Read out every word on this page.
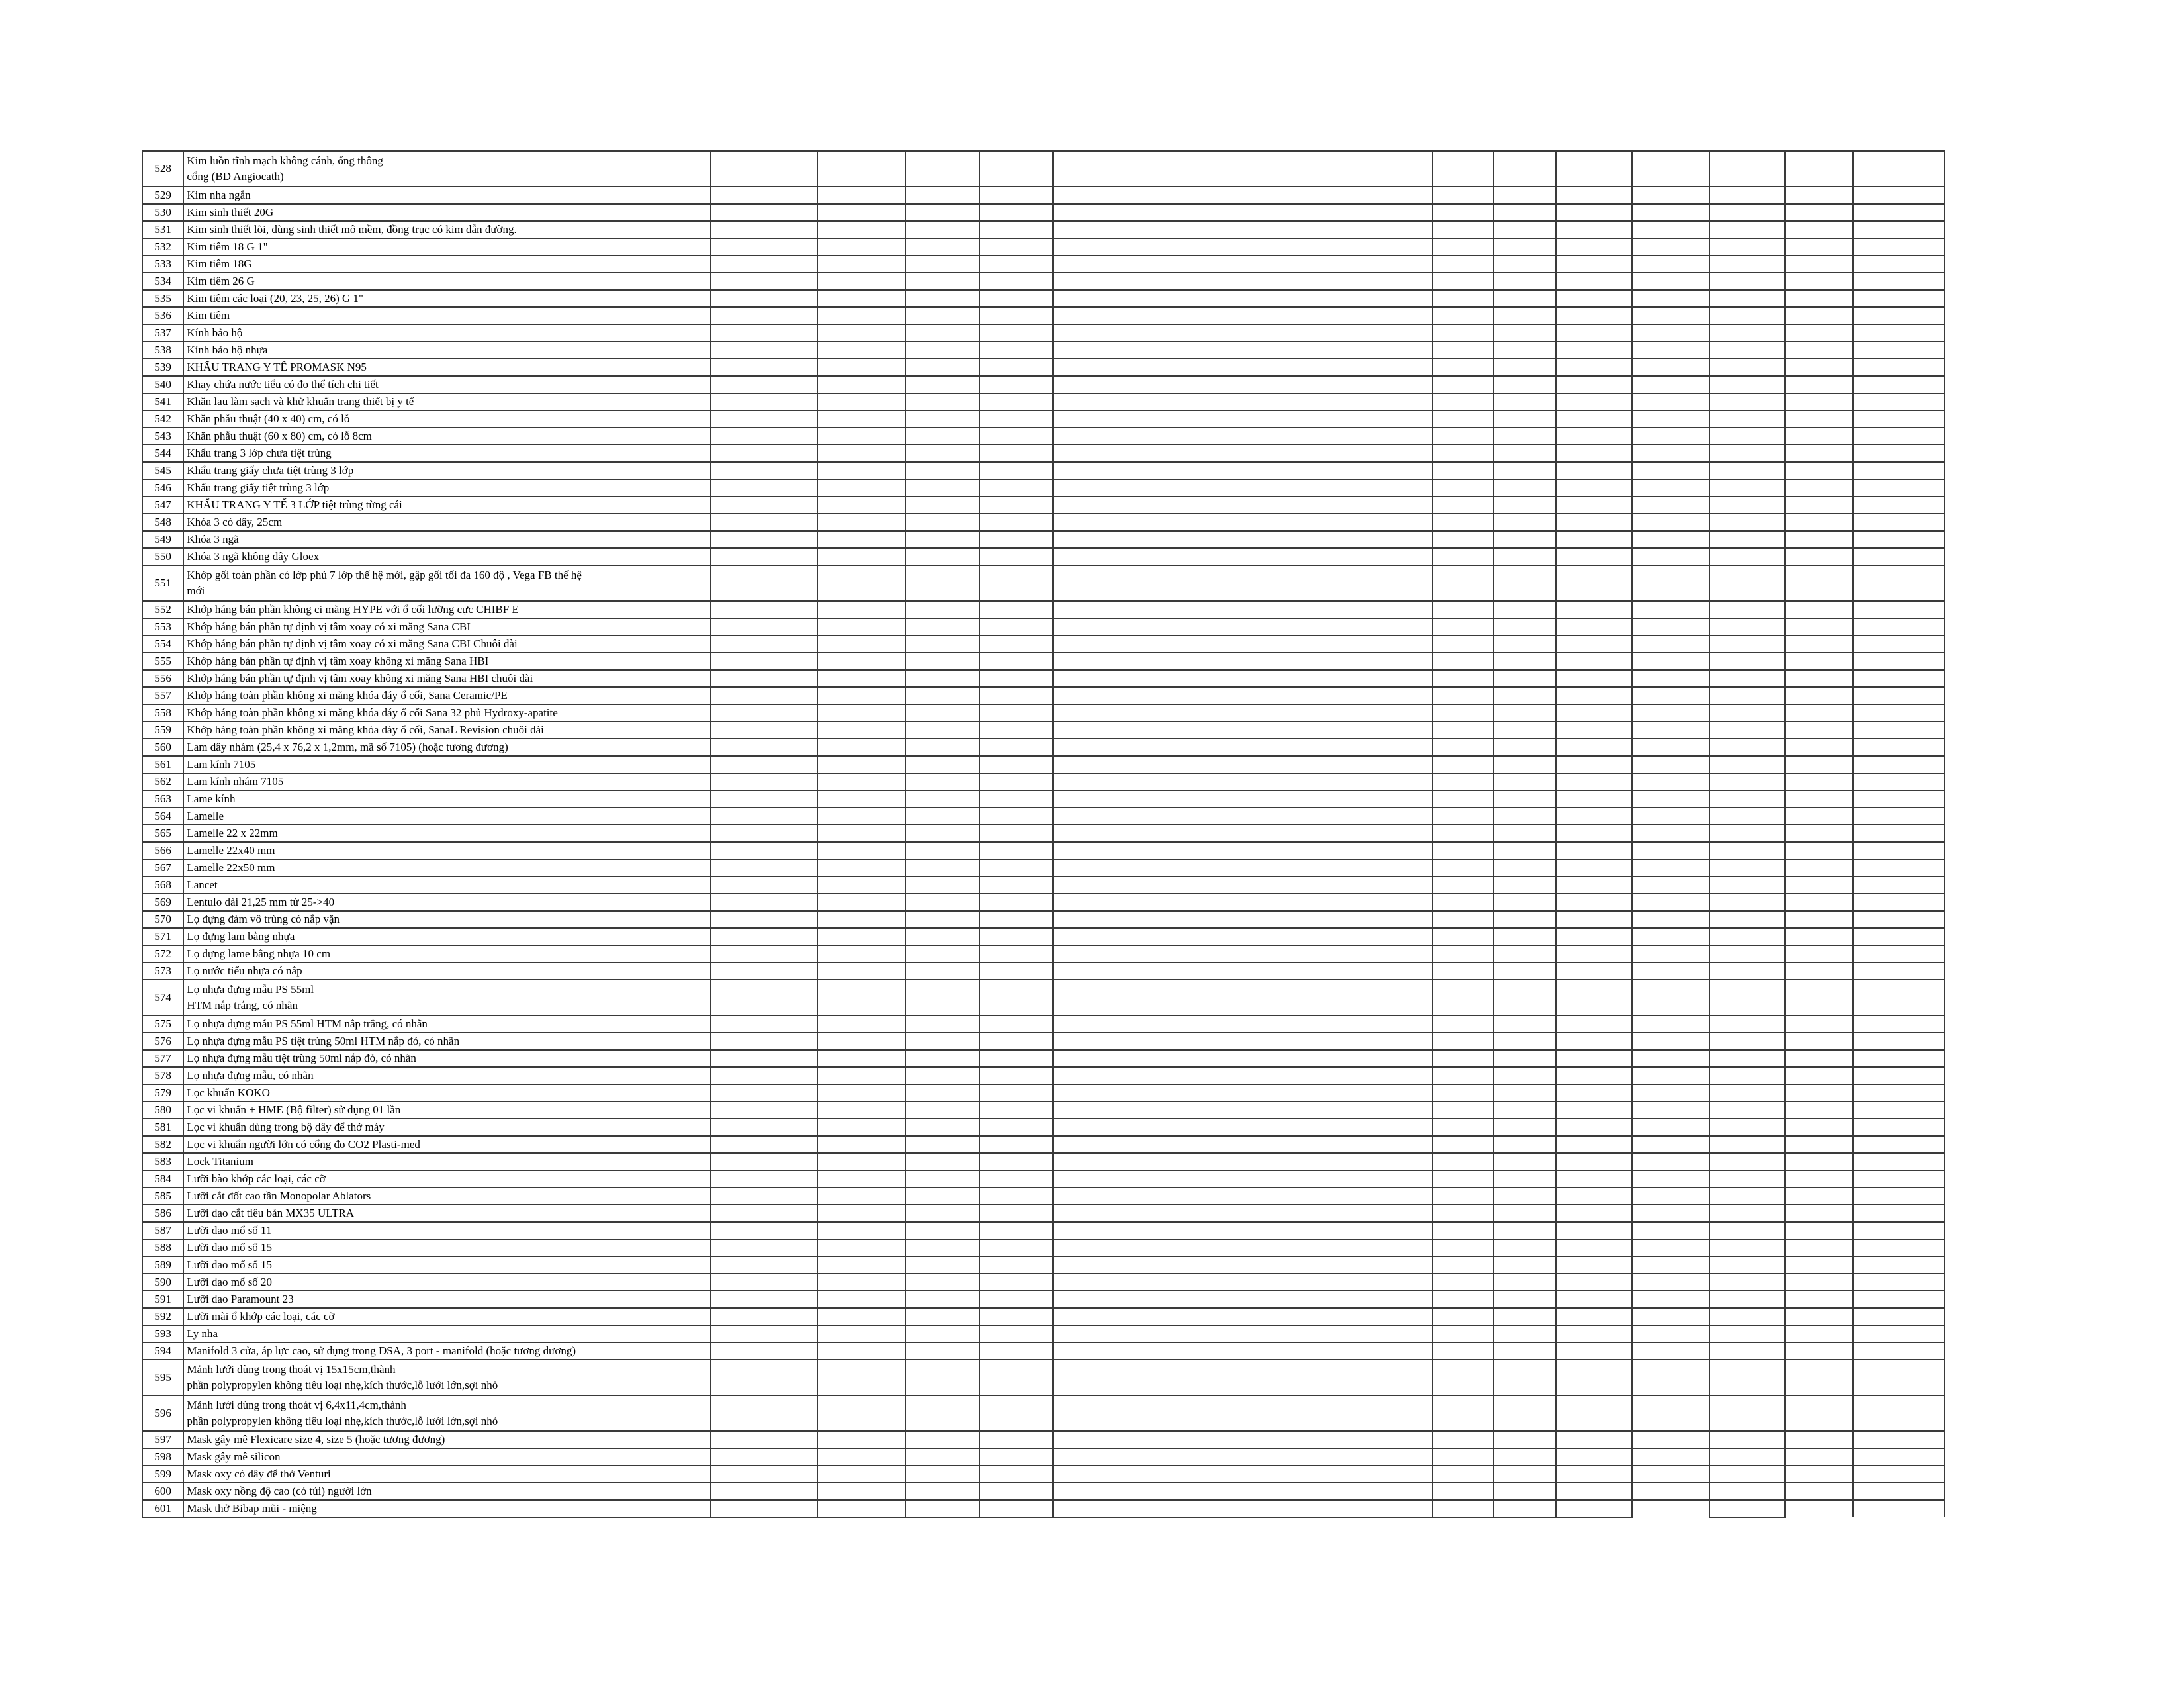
528	Kim luồn tĩnh mạch không cánh, ống thông
cổng (BD Angiocath)												

529	Kim nha ngắn												
530	Kim sinh thiết 20G												
531	Kim sinh thiết lõi, dùng sinh thiết mô mềm, đồng trục có kim dẫn đường.												
532	Kim tiêm 18 G 1"												
533	Kim tiêm 18G												
534	Kim tiêm 26 G												
535	Kim tiêm các loại (20, 23, 25, 26) G 1"												
536	Kim tiêm												
537	Kính bảo hộ												
538	Kính bảo hộ nhựa												
539	KHẨU TRANG Y TẾ PROMASK N95												
540	Khay chứa nước tiểu có đo thể tích chi tiết												
541	Khăn lau làm sạch và khử khuẩn trang thiết bị y tế												
542	Khăn phẫu thuật (40 x 40) cm, có lỗ												
543	Khăn phẫu thuật (60 x 80) cm, có lỗ 8cm												
544	Khẩu trang 3 lớp chưa tiệt trùng												
545	Khẩu trang giấy chưa tiệt trùng 3 lớp												
546	Khẩu trang giấy tiệt trùng 3 lớp												
547	KHẨU TRANG Y TẾ 3 LỚP tiệt trùng từng cái												
548	Khóa 3 có dây, 25cm												
549	Khóa 3 ngã												
550	Khóa 3 ngã không dây Gloex												
551	Khớp gối toàn phần có lớp phủ 7 lớp thế hệ mới, gập gối tối đa 160 độ , Vega FB thế hệ
mới												

552	Khớp háng bán phần không ci măng HYPE với ổ cối lưỡng cực CHIBF E												
553	Khớp háng bán phần tự định vị tâm xoay có xi măng Sana CBI												
554	Khớp háng bán phần tự định vị tâm xoay có xi măng Sana CBI Chuôi dài												
555	Khớp háng bán phần tự định vị tâm xoay không xi măng Sana HBI												
556	Khớp háng bán phần tự định vị tâm xoay không xi măng Sana HBI chuôi dài												
557	Khớp háng toàn phần không xi măng khóa đáy ổ cối, Sana Ceramic/PE												
558	Khớp háng toàn phần không xi măng khóa đáy ổ cối Sana 32 phủ Hydroxy-apatite												
559	Khớp háng toàn phần không xi măng khóa đáy ổ cối, SanaL Revision chuôi dài												
560	Lam dây nhám (25,4 x 76,2 x 1,2mm, mã số 7105) (hoặc tương đương)												
561	Lam kính 7105												
562	Lam kính nhám 7105												
563	Lame kính												
564	Lamelle												
565	Lamelle 22 x 22mm												
566	Lamelle 22x40 mm												
567	Lamelle 22x50 mm												
568	Lancet												
569	Lentulo dài 21,25 mm từ 25->40												
570	Lọ đựng đàm vô trùng có nắp vặn												
571	Lọ đựng lam bằng nhựa												
572	Lọ đựng lame bằng nhựa 10 cm												
573	Lọ nước tiểu nhựa có nắp												
574	Lọ nhựa đựng mẫu PS 55ml
HTM nắp trắng, có nhãn												

575	Lọ nhựa đựng mẫu PS 55ml HTM nắp trắng, có nhãn												
576	Lọ nhựa đựng mẫu PS tiệt trùng 50ml HTM nắp đỏ, có nhãn												
577	Lọ nhựa đựng mẫu tiệt trùng 50ml nắp đỏ, có nhãn												
578	Lọ nhựa đựng mẫu, có nhãn												
579	Lọc khuẩn KOKO												
580	Lọc vi khuẩn + HME (Bộ filter) sử dụng 01 lần												
581	Lọc vi khuẩn dùng trong bộ dây để thở máy												
582	Lọc vi khuẩn người lớn có cổng đo CO2 Plasti-med												
583	Lock Titanium												
584	Lưỡi bào khớp các loại, các cỡ												
585	Lưỡi cắt đốt cao tần Monopolar Ablators												
586	Lưỡi dao cắt tiêu bản MX35 ULTRA												
587	Lưỡi dao mổ số 11												
588	Lưỡi dao mổ số 15												
589	Lưỡi dao mổ số 15												
590	Lưỡi dao mổ số 20												
591	Lưỡi dao Paramount 23												
592	Lưỡi mài ổ khớp các loại, các cỡ												
593	Ly nha												
594	Manifold 3 cửa, áp lực cao, sử dụng trong DSA, 3 port - manifold (hoặc tương đương)												
595	Mảnh lưới dùng trong thoát vị 15x15cm,thành
phần polypropylen không tiêu loại nhẹ,kích thước,lỗ lưới lớn,sợi nhỏ												

596	Mảnh lưới dùng trong thoát vị 6,4x11,4cm,thành
phần polypropylen không tiêu loại nhẹ,kích thước,lỗ lưới lớn,sợi nhỏ												

597	Mask gây mê Flexicare size 4, size 5 (hoặc tương đương)												
598	Mask gây mê silicon												
599	Mask oxy có dây để thở Venturi												
600	Mask oxy nồng độ cao (có túi) người lớn												
601	Mask thở Bibap mũi - miệng												
